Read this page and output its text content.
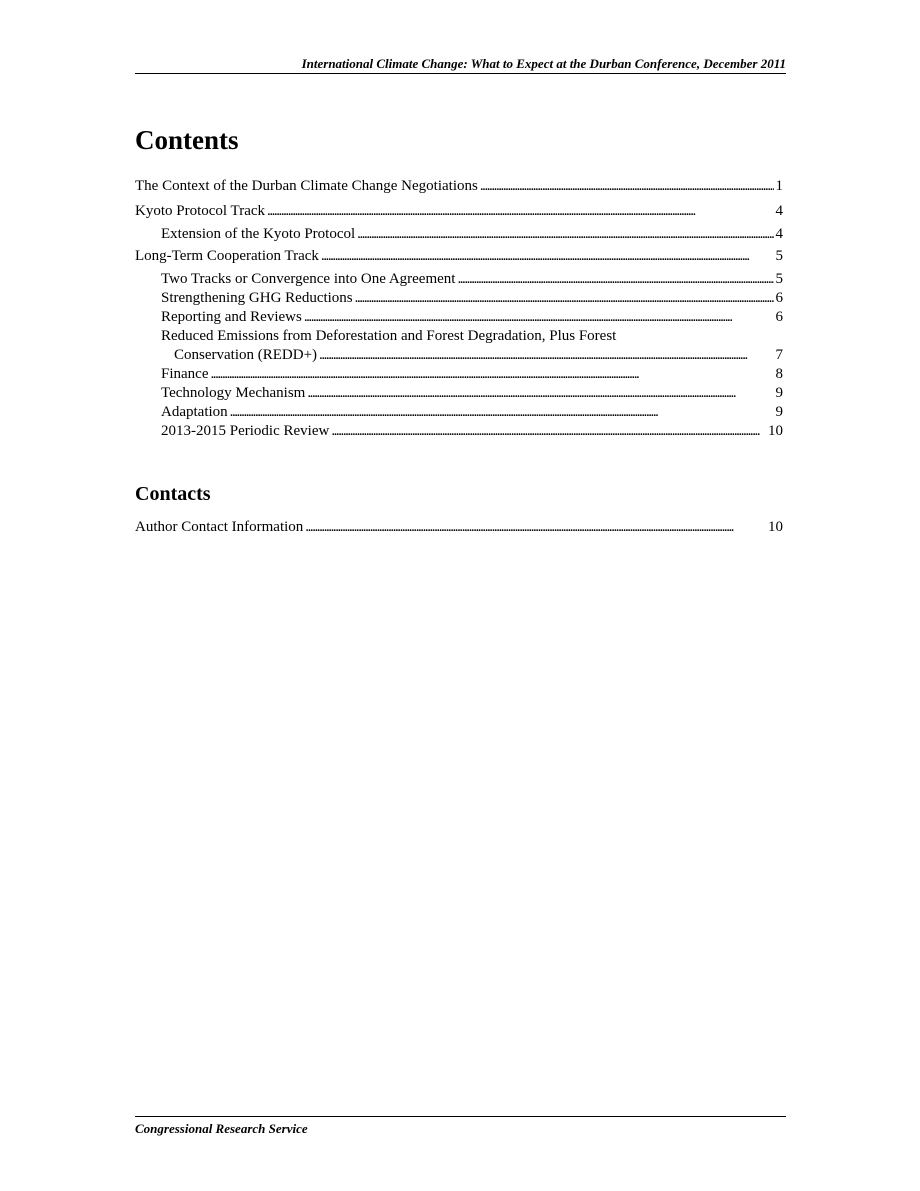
International Climate Change: What to Expect at the Durban Conference, December 2011
Contents
The Context of the Durban Climate Change Negotiations . . .	1
Kyoto Protocol Track . . .	4
Extension of the Kyoto Protocol . . .	4
Long-Term Cooperation Track . . .	5
Two Tracks or Convergence into One Agreement . . .	5
Strengthening GHG Reductions . . .	6
Reporting and Reviews . . .	6
Reduced Emissions from Deforestation and Forest Degradation, Plus Forest
Conservation (REDD+) . . .	7
Finance . . .	8
Technology Mechanism . . .	9
Adaptation . . .	9
2013-2015 Periodic Review . . .	10
Contacts
Author Contact Information . . .	10
Congressional Research Service
